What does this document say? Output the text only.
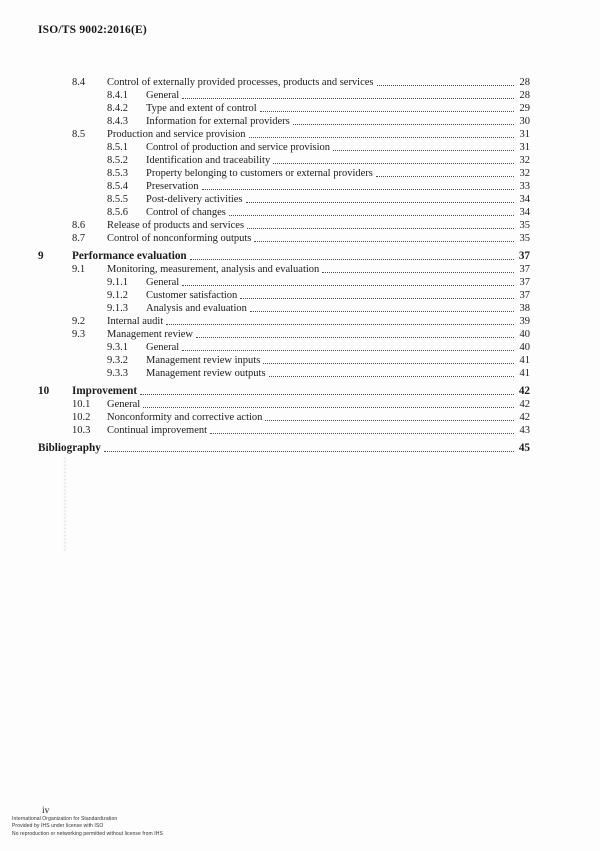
ISO/TS 9002:2016(E)
8.4	Control of externally provided processes, products and services	28
8.4.1	General	28
8.4.2	Type and extent of control	29
8.4.3	Information for external providers	30
8.5	Production and service provision	31
8.5.1	Control of production and service provision	31
8.5.2	Identification and traceability	32
8.5.3	Property belonging to customers or external providers	32
8.5.4	Preservation	33
8.5.5	Post-delivery activities	34
8.5.6	Control of changes	34
8.6	Release of products and services	35
8.7	Control of nonconforming outputs	35
9	Performance evaluation	37
9.1	Monitoring, measurement, analysis and evaluation	37
9.1.1	General	37
9.1.2	Customer satisfaction	37
9.1.3	Analysis and evaluation	38
9.2	Internal audit	39
9.3	Management review	40
9.3.1	General	40
9.3.2	Management review inputs	41
9.3.3	Management review outputs	41
10	Improvement	42
10.1	General	42
10.2	Nonconformity and corrective action	42
10.3	Continual improvement	43
Bibliography	45
iv
International Organization for Standardization
Provided by IHS under license with ISO
No reproduction or networking permitted without license from IHS
